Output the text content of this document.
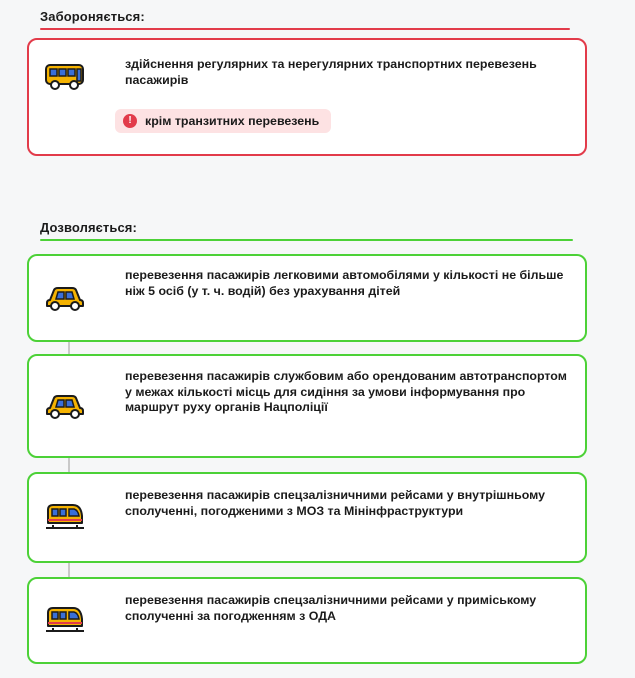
Забороняється:
здійснення регулярних та нерегулярних транспортних перевезень пасажирів
!	крім транзитних перевезень
Дозволяється:
перевезення пасажирів легковими автомобілями у кількості не більше ніж 5 осіб (у т. ч. водій) без урахування дітей
перевезення пасажирів службовим або орендованим автотранспортом у межах кількості місць для сидіння за умови інформування про маршрут руху органів Нацполіції
перевезення пасажирів спецзалізничними рейсами у внутрішньому сполученні, погодженими з МОЗ та Мінінфраструктури
перевезення пасажирів спецзалізничними рейсами у приміському сполученні за погодженням з ОДА
